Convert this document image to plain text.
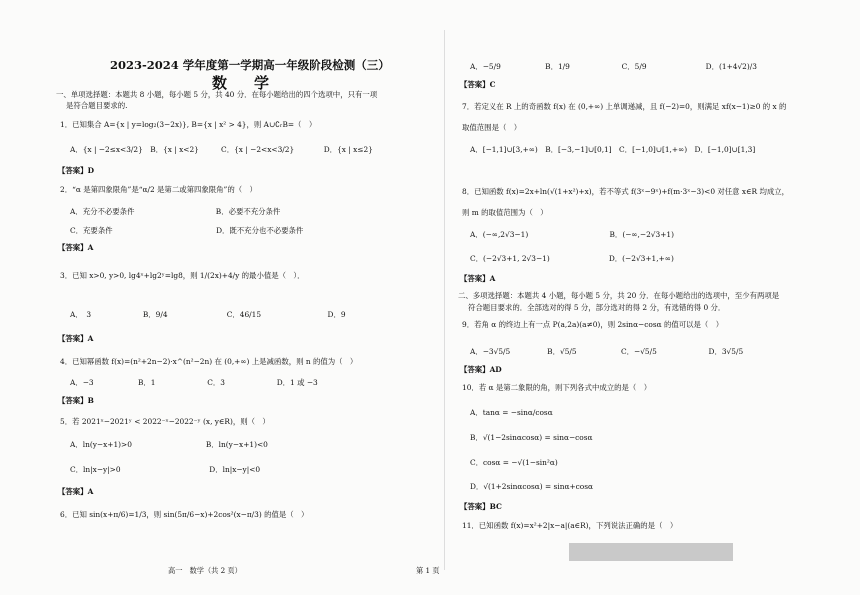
2023-2024 学年度第一学期高一年级阶段检测（三）
数　学
一、单项选择题：本题共 8 小题，每小题 5 分，共 40 分．在每小题给出的四个选项中，只有一项
是符合题目要求的.
1．已知集合 A={x | y=log₂(3−2x)}, B={x | x² > 4}，则 A∪∁ᵣB=（　）
A．{x | −2≤x<3/2}　B．{x | x<2}　　　C．{x | −2<x<3/2}　　　　D．{x | x≤2}
【答案】D
2．“α 是第四象限角”是“α/2 是第二或第四象限角”的（　）
A．充分不必要条件　　　　　　　　　　　B．必要不充分条件
C．充要条件　　　　　　　　　　　　　　D．既不充分也不必要条件
【答案】A
3．已知 x>0, y>0, lg4ˣ+lg2ʸ=lg8，则 1/(2x)+4/y 的最小值是（　）．
A．　3　　　　　　　B．9/4　　　　　　　　C．46/15　　　　　　　　　D．9
【答案】A
4．已知幂函数 f(x)=(n²+2n−2)·x^(n²−2n) 在 (0,+∞) 上是减函数，则 n 的值为（　）
A．−3　　　　　　B．1　　　　　　　C．3　　　　　　　D．1 或 −3
【答案】B
5．若 2021ˣ−2021ʸ < 2022⁻ˣ−2022⁻ʸ (x, y∈R)，则（　）
A．ln(y−x+1)>0　　　　　　　　　　B．ln(y−x+1)<0
C．ln|x−y|>0　　　　　　　　　　　　D．ln|x−y|<0
【答案】A
6．已知 sin(x+π/6)=1/3，则 sin(5π/6−x)+2cos²(x−π/3) 的值是（　）
A．−5/9　　　　　　B．1/9　　　　　　　C．5/9　　　　　　　　D．(1+4√2)/3
【答案】C
7．若定义在 R 上的奇函数 f(x) 在 (0,+∞) 上单调递减，且 f(−2)=0，则满足 xf(x−1)≥0 的 x 的
取值范围是（　）
A．[−1,1]∪[3,+∞)　B．[−3,−1]∪[0,1]　C．[−1,0]∪[1,+∞)　D．[−1,0]∪[1,3]
8．已知函数 f(x)=2x+ln(√(1+x²)+x)，若不等式 f(3ˣ−9ˣ)+f(m·3ˣ−3)<0 对任意 x∈R 均成立，
则 m 的取值范围为（　）
A．(−∞,2√3−1)　　　　　　　　　　　B．(−∞,−2√3+1)
C．(−2√3+1, 2√3−1)　　　　　　　　D．(−2√3+1,+∞)
【答案】A
二、多项选择题：本题共 4 小题，每小题 5 分，共 20 分．在每小题给出的选项中，至少有两项是
符合题目要求的．全部选对的得 5 分，部分选对的得 2 分，有选错的得 0 分．
9．若角 α 的终边上有一点 P(a,2a)(a≠0)，则 2sinα−cosα 的值可以是（　）
A．−3√5/5　　　　　B．√5/5　　　　　　C．−√5/5　　　　　　　D．3√5/5
【答案】AD
10．若 α 是第二象限的角，则下列各式中成立的是（　）
A．tanα = −sinα/cosα
B．√(1−2sinαcosα) = sinα−cosα
C．cosα = −√(1−sin²α)
D．√(1+2sinαcosα) = sinα+cosα
【答案】BC
11．已知函数 f(x)=x²+2|x−a|(a∈R)，下列说法正确的是（　）
高一　数学（共 2 页）	第 1 页
